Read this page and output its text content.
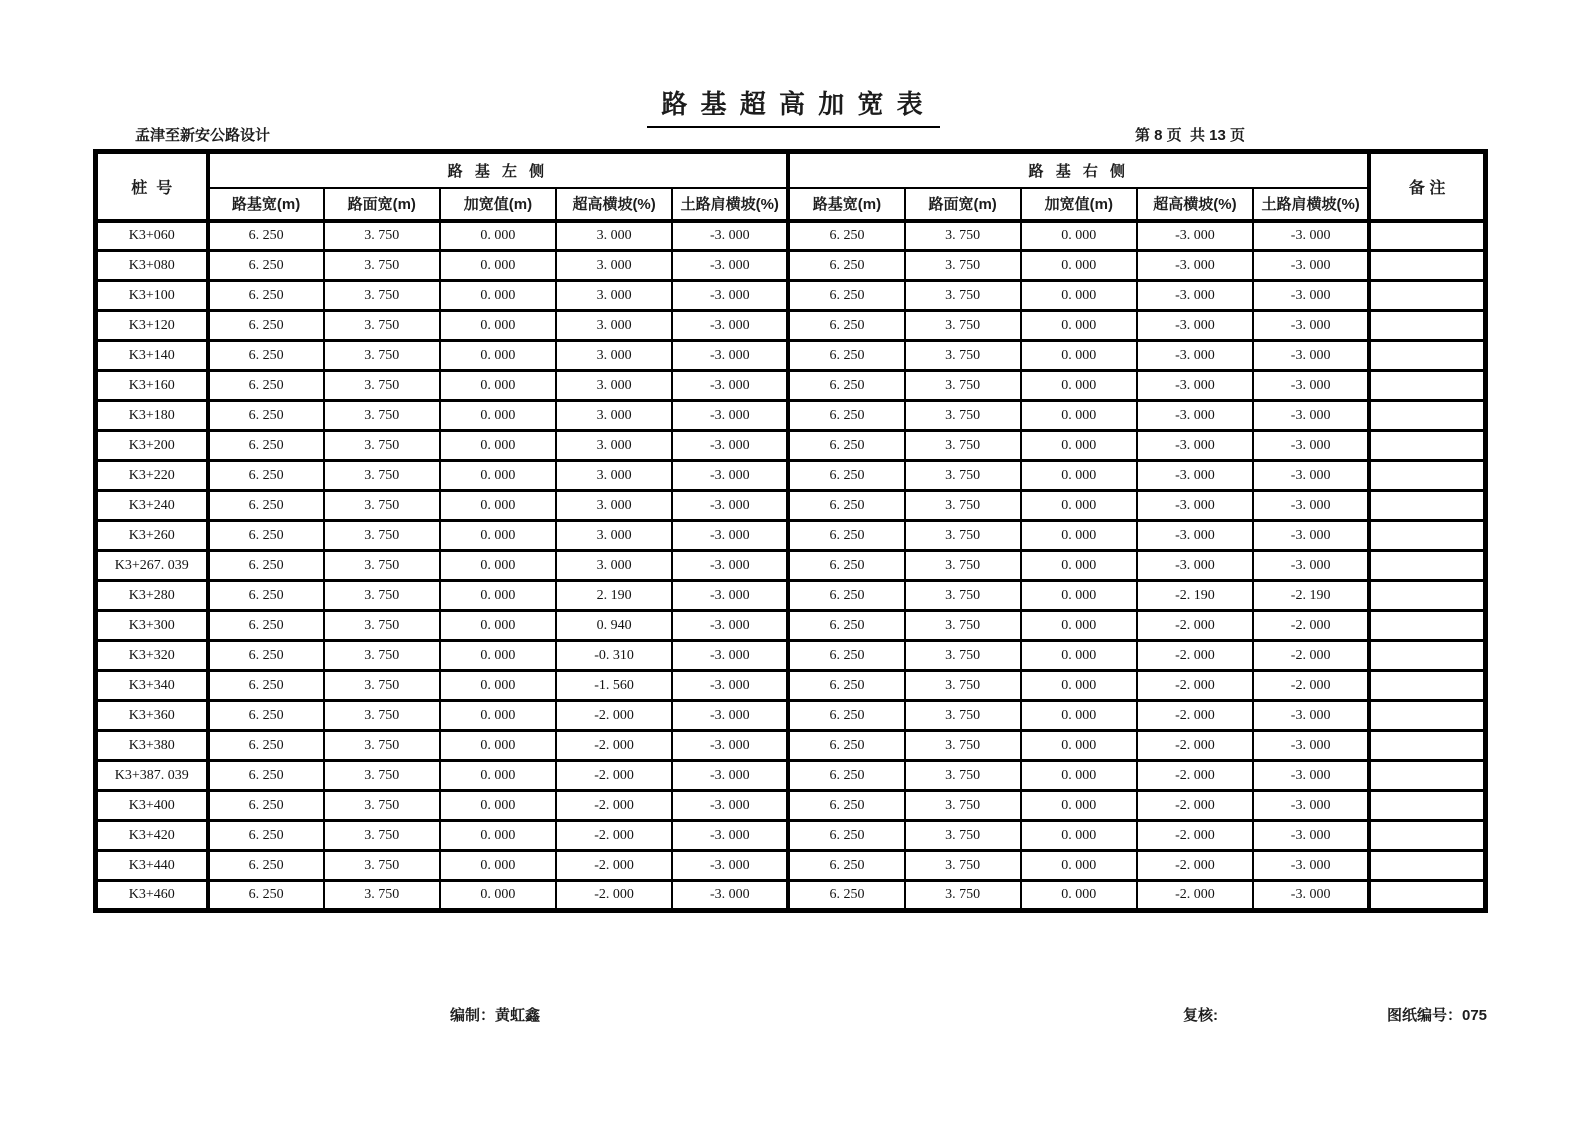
路 基 超 高 加 宽 表
孟津至新安公路设计	第 8 页  共 13 页
桩  号	路 基 左 侧					路 基 右 侧					备 注
	路基宽(m)	路面宽(m)	加宽值(m)	超高横坡(%)	土路肩横坡(%)	路基宽(m)	路面宽(m)	加宽值(m)	超高横坡(%)	土路肩横坡(%)	
K3+060	6. 250	3. 750	0. 000	3. 000	-3. 000	6. 250	3. 750	0. 000	-3. 000	-3. 000	
K3+080	6. 250	3. 750	0. 000	3. 000	-3. 000	6. 250	3. 750	0. 000	-3. 000	-3. 000	
K3+100	6. 250	3. 750	0. 000	3. 000	-3. 000	6. 250	3. 750	0. 000	-3. 000	-3. 000	
K3+120	6. 250	3. 750	0. 000	3. 000	-3. 000	6. 250	3. 750	0. 000	-3. 000	-3. 000	
K3+140	6. 250	3. 750	0. 000	3. 000	-3. 000	6. 250	3. 750	0. 000	-3. 000	-3. 000	
K3+160	6. 250	3. 750	0. 000	3. 000	-3. 000	6. 250	3. 750	0. 000	-3. 000	-3. 000	
K3+180	6. 250	3. 750	0. 000	3. 000	-3. 000	6. 250	3. 750	0. 000	-3. 000	-3. 000	
K3+200	6. 250	3. 750	0. 000	3. 000	-3. 000	6. 250	3. 750	0. 000	-3. 000	-3. 000	
K3+220	6. 250	3. 750	0. 000	3. 000	-3. 000	6. 250	3. 750	0. 000	-3. 000	-3. 000	
K3+240	6. 250	3. 750	0. 000	3. 000	-3. 000	6. 250	3. 750	0. 000	-3. 000	-3. 000	
K3+260	6. 250	3. 750	0. 000	3. 000	-3. 000	6. 250	3. 750	0. 000	-3. 000	-3. 000	
K3+267. 039	6. 250	3. 750	0. 000	3. 000	-3. 000	6. 250	3. 750	0. 000	-3. 000	-3. 000	
K3+280	6. 250	3. 750	0. 000	2. 190	-3. 000	6. 250	3. 750	0. 000	-2. 190	-2. 190	
K3+300	6. 250	3. 750	0. 000	0. 940	-3. 000	6. 250	3. 750	0. 000	-2. 000	-2. 000	
K3+320	6. 250	3. 750	0. 000	-0. 310	-3. 000	6. 250	3. 750	0. 000	-2. 000	-2. 000	
K3+340	6. 250	3. 750	0. 000	-1. 560	-3. 000	6. 250	3. 750	0. 000	-2. 000	-2. 000	
K3+360	6. 250	3. 750	0. 000	-2. 000	-3. 000	6. 250	3. 750	0. 000	-2. 000	-3. 000	
K3+380	6. 250	3. 750	0. 000	-2. 000	-3. 000	6. 250	3. 750	0. 000	-2. 000	-3. 000	
K3+387. 039	6. 250	3. 750	0. 000	-2. 000	-3. 000	6. 250	3. 750	0. 000	-2. 000	-3. 000	
K3+400	6. 250	3. 750	0. 000	-2. 000	-3. 000	6. 250	3. 750	0. 000	-2. 000	-3. 000	
K3+420	6. 250	3. 750	0. 000	-2. 000	-3. 000	6. 250	3. 750	0. 000	-2. 000	-3. 000	
K3+440	6. 250	3. 750	0. 000	-2. 000	-3. 000	6. 250	3. 750	0. 000	-2. 000	-3. 000	
K3+460	6. 250	3. 750	0. 000	-2. 000	-3. 000	6. 250	3. 750	0. 000	-2. 000	-3. 000	
编制：黄虹鑫	复核:	图纸编号：075
